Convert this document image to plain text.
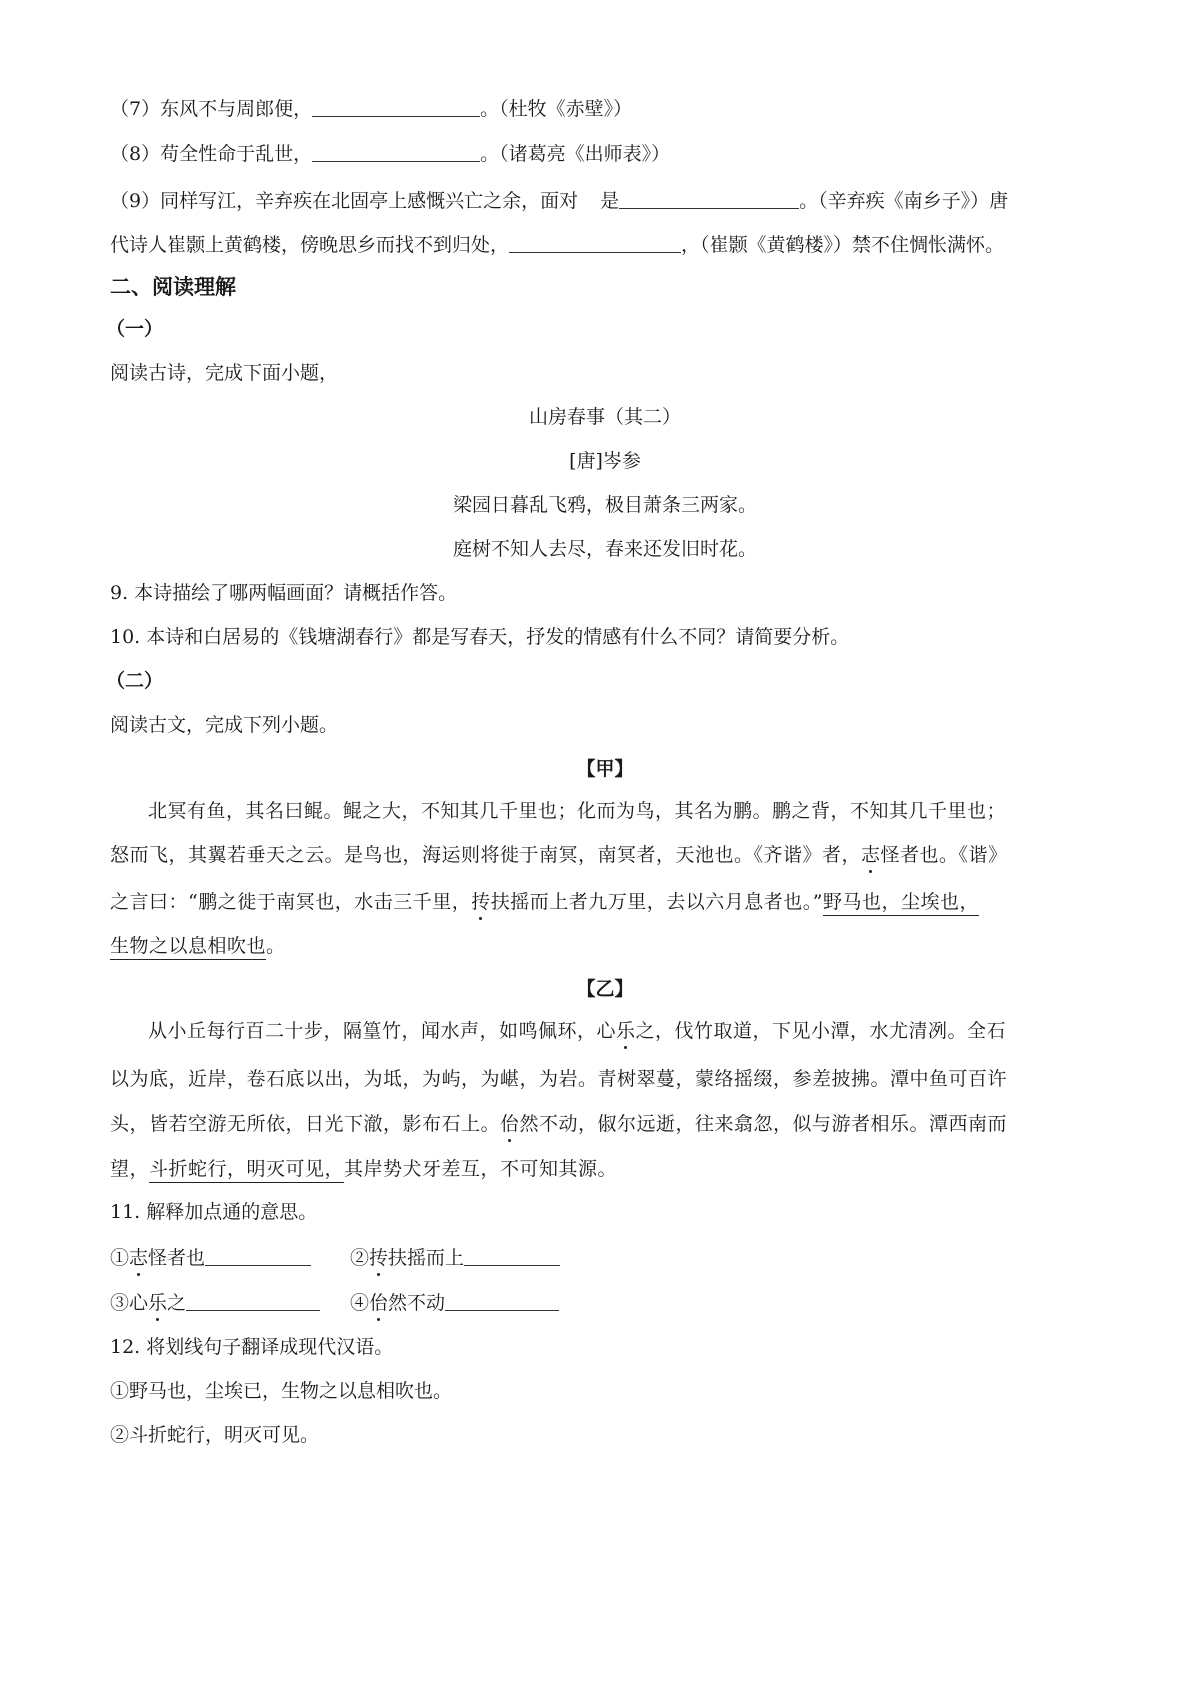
（7）东风不与周郎便，	。（杜牧《赤壁》）
（8）苟全性命于乱世，	。（诸葛亮《出师表》）
（9）同样写江，辛弃疾在北固亭上感慨兴亡之余，面对 是	。（辛弃疾《南乡子》）唐
代诗人崔颢上黄鹤楼，傍晚思乡而找不到归处，	，（崔颢《黄鹤楼》）禁不住惆怅满怀。
二、阅读理解
（一）
阅读古诗，完成下面小题，
山房春事（其二）
[唐]岑参
梁园日暮乱飞鸦，极目萧条三两家。
庭树不知人去尽，春来还发旧时花。
9. 本诗描绘了哪两幅画面？请概括作答。
10. 本诗和白居易的《钱塘湖春行》都是写春天，抒发的情感有什么不同？请简要分析。
（二）
阅读古文，完成下列小题。
【甲】
北冥有鱼，其名曰鲲。鲲之大，不知其几千里也；化而为鸟，其名为鹏。鹏之背，不知其几千里也；
怒而飞，其翼若垂天之云。是鸟也，海运则将徙于南冥，南冥者，天池也。《齐谐》者，志怪者也。《谐》
之言曰：“鹏之徙于南冥也，水击三千里，抟扶摇而上者九万里，去以六月息者也。”野马也，尘埃也，
生物之以息相吹也。
【乙】
从小丘每行百二十步，隔篁竹，闻水声，如鸣佩环，心乐之，伐竹取道，下见小潭，水尤清冽。全石
以为底，近岸，卷石底以出，为坻，为屿，为嵁，为岩。青树翠蔓，蒙络摇缀，参差披拂。潭中鱼可百许
头，皆若空游无所依，日光下澈，影布石上。佁然不动，俶尔远逝，往来翕忽，似与游者相乐。潭西南而
望，斗折蛇行，明灭可见，其岸势犬牙差互，不可知其源。
11. 解释加点通的意思。
①志怪者也	②抟扶摇而上
③心乐之	④佁然不动
12. 将划线句子翻译成现代汉语。
①野马也，尘埃已，生物之以息相吹也。
②斗折蛇行，明灭可见。
